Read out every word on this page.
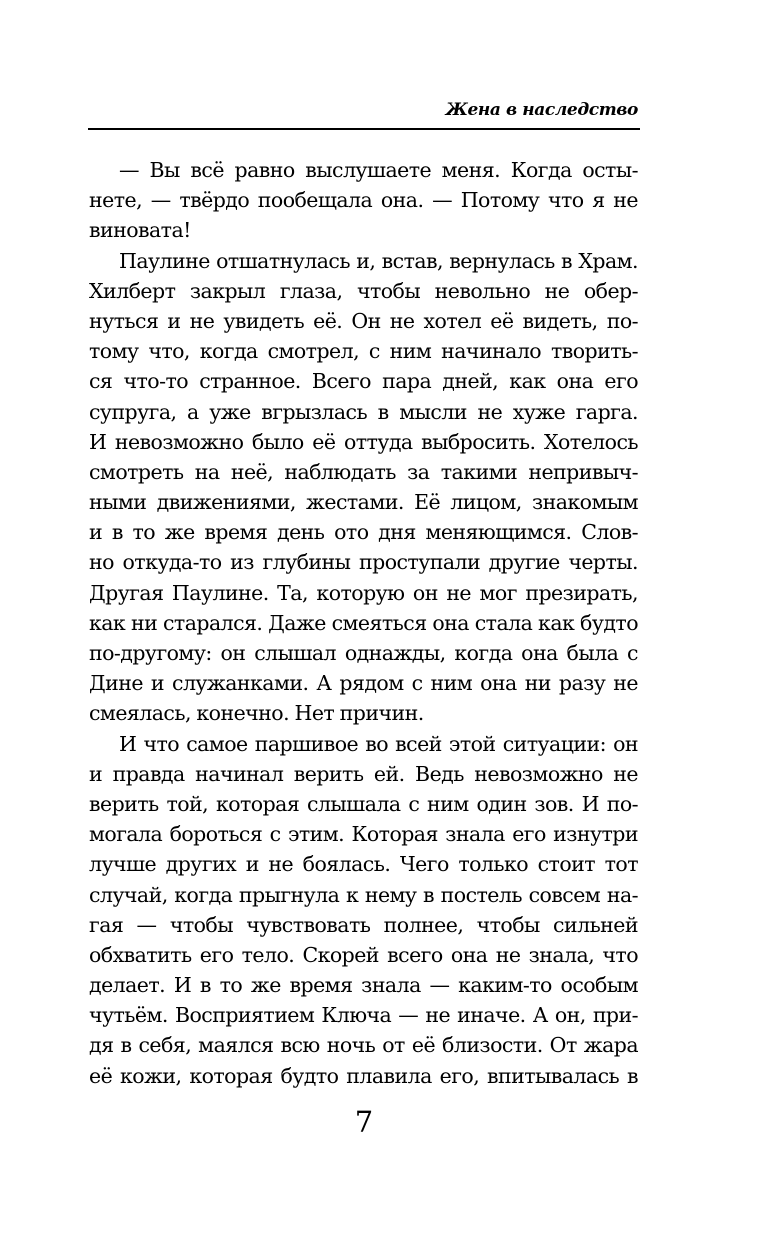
Жена в наследство
— Вы всё равно выслушаете меня. Когда осты-
нете, — твёрдо пообещала она. — Потому что я не
виновата!
Паулине отшатнулась и, встав, вернулась в Храм.
Хилберт закрыл глаза, чтобы невольно не обер-
нуться и не увидеть её. Он не хотел её видеть, по-
тому что, когда смотрел, с ним начинало творить-
ся что-то странное. Всего пара дней, как она его
супруга, а уже вгрызлась в мысли не хуже гарга.
И невозможно было её оттуда выбросить. Хотелось
смотреть на неё, наблюдать за такими непривыч-
ными движениями, жестами. Её лицом, знакомым
и в то же время день ото дня меняющимся. Слов-
но откуда-то из глубины проступали другие черты.
Другая Паулине. Та, которую он не мог презирать,
как ни старался. Даже смеяться она стала как будто
по-другому: он слышал однажды, когда она была с
Дине и служанками. А рядом с ним она ни разу не
смеялась, конечно. Нет причин.
И что самое паршивое во всей этой ситуации: он
и правда начинал верить ей. Ведь невозможно не
верить той, которая слышала с ним один зов. И по-
могала бороться с этим. Которая знала его изнутри
лучше других и не боялась. Чего только стоит тот
случай, когда прыгнула к нему в постель совсем на-
гая — чтобы чувствовать полнее, чтобы сильней
обхватить его тело. Скорей всего она не знала, что
делает. И в то же время знала — каким-то особым
чутьём. Восприятием Ключа — не иначе. А он, при-
дя в себя, маялся всю ночь от её близости. От жара
её кожи, которая будто плавила его, впитывалась в
7
